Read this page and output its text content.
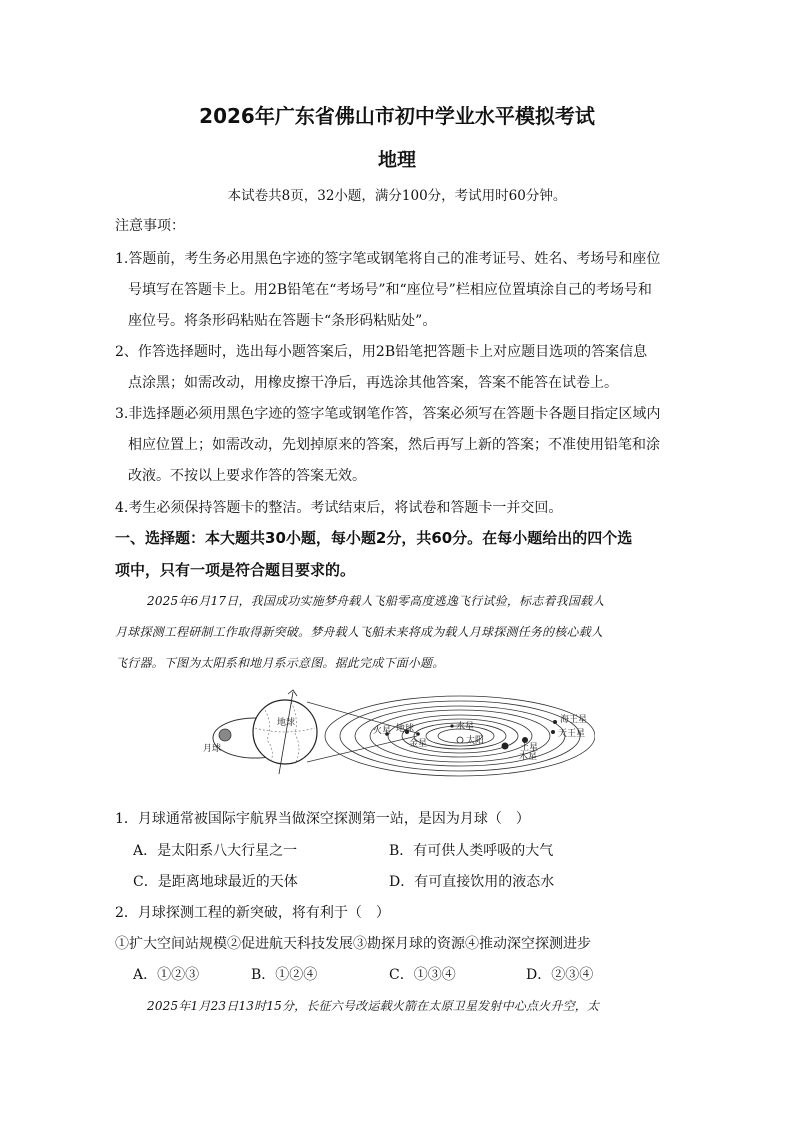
2026年广东省佛山市初中学业水平模拟考试
地理
本试卷共8页，32小题，满分100分，考试用时60分钟。
注意事项：
1.答题前，考生务必用黑色字迹的签字笔或钢笔将自己的准考证号、姓名、考场号和座位
号填写在答题卡上。用2B铅笔在“考场号”和“座位号”栏相应位置填涂自己的考场号和
座位号。将条形码粘贴在答题卡“条形码粘贴处”。
2、作答选择题时，选出每小题答案后，用2B铅笔把答题卡上对应题目选项的答案信息
点涂黑；如需改动，用橡皮擦干净后，再选涂其他答案，答案不能答在试卷上。
3.非选择题必须用黑色字迹的签字笔或钢笔作答，答案必须写在答题卡各题目指定区域内
相应位置上；如需改动，先划掉原来的答案，然后再写上新的答案；不准使用铅笔和涂
改液。不按以上要求作答的答案无效。
4.考生必须保持答题卡的整洁。考试结束后，将试卷和答题卡一并交回。
一、选择题：本大题共30小题，每小题2分，共60分。在每小题给出的四个选
项中，只有一项是符合题目要求的。
2025年6月17日，我国成功实施梦舟载人飞船零高度逃逸飞行试验，标志着我国载人
月球探测工程研制工作取得新突破。梦舟载人飞船未来将成为载人月球探测任务的核心载人
飞行器。下图为太阳系和地月系示意图。据此完成下面小题。
月球
地球
太阳
水星
金星
地球
火星
土星
木星
海王星
天王星
1．月球通常被国际宇航界当做深空探测第一站，是因为月球（　）
A．是太阳系八大行星之一	B．有可供人类呼吸的大气
C．是距离地球最近的天体	D．有可直接饮用的液态水
2．月球探测工程的新突破，将有利于（　）
①扩大空间站规模②促进航天科技发展③勘探月球的资源④推动深空探测进步
A．①②③	B．①②④	C．①③④	D．②③④
2025年1月23日13时15分，长征六号改运载火箭在太原卫星发射中心点火升空，太
